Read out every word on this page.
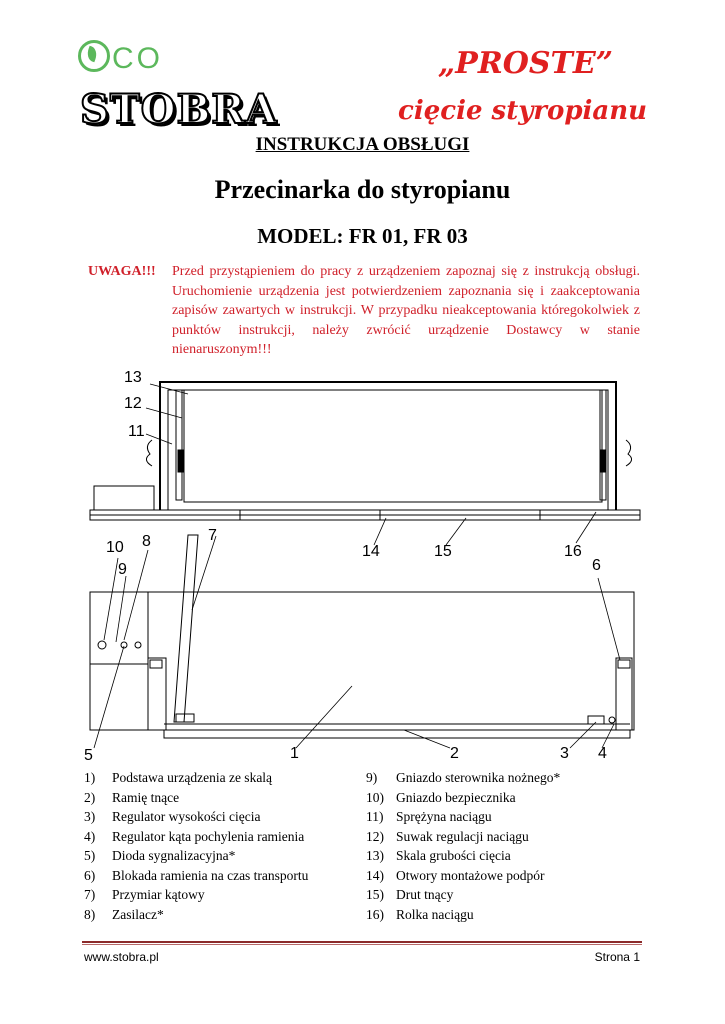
CO
STOBRA
„PROSTE”
cięcie styropianu
INSTRUKCJA OBSŁUGI
Przecinarka do styropianu
MODEL: FR 01, FR 03
UWAGA!!! Przed przystąpieniem do pracy z urządzeniem zapoznaj się z instrukcją obsługi. Uruchomienie urządzenia jest potwierdzeniem zapoznania się i zaakceptowania zapisów zawartych w instrukcji. W przypadku nieakceptowania któregokolwiek z punktów instrukcji, należy zwrócić urządzenie Dostawcy w stanie nienaruszonym!!!
13
12
11
14	15	16
10 8
9
7
6
5	1	2	3 4
1) Podstawa urządzenia ze skalą
2) Ramię tnące
3) Regulator wysokości cięcia
4) Regulator kąta pochylenia ramienia
5) Dioda sygnalizacyjna*
6) Blokada ramienia na czas transportu
7) Przymiar kątowy
8) Zasilacz*
9) Gniazdo sterownika nożnego*
10) Gniazdo bezpiecznika
11) Sprężyna naciągu
12) Suwak regulacji naciągu
13) Skala grubości cięcia
14) Otwory montażowe podpór
15) Drut tnący
16) Rolka naciągu
www.stobra.pl	Strona 1
